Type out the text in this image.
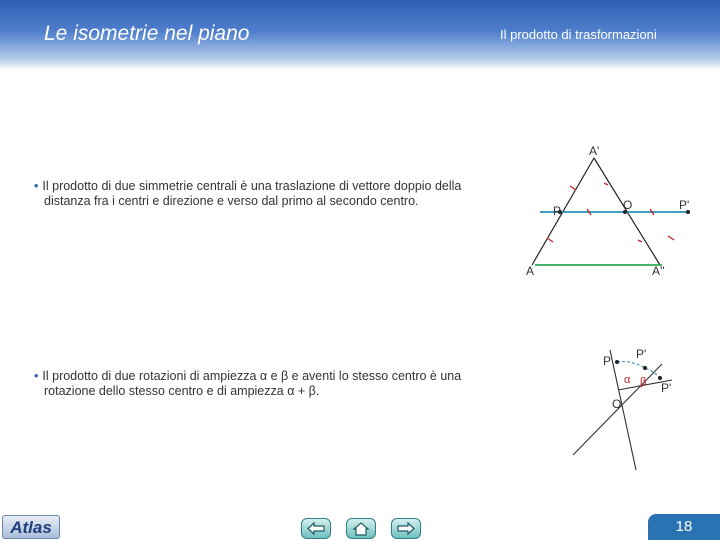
Le isometrie nel piano	Il prodotto di trasformazioni
• Il prodotto di due simmetrie centrali è una traslazione di vettore doppio della
distanza fra i centri e direzione e verso dal primo al secondo centro.
• Il prodotto di due rotazioni di ampiezza α e β e aventi lo stesso centro è una
rotazione dello stesso centro e di ampiezza α + β.
A'
P	O	P'
A	A''
P P'
P'
O
α β
Atlas	18
